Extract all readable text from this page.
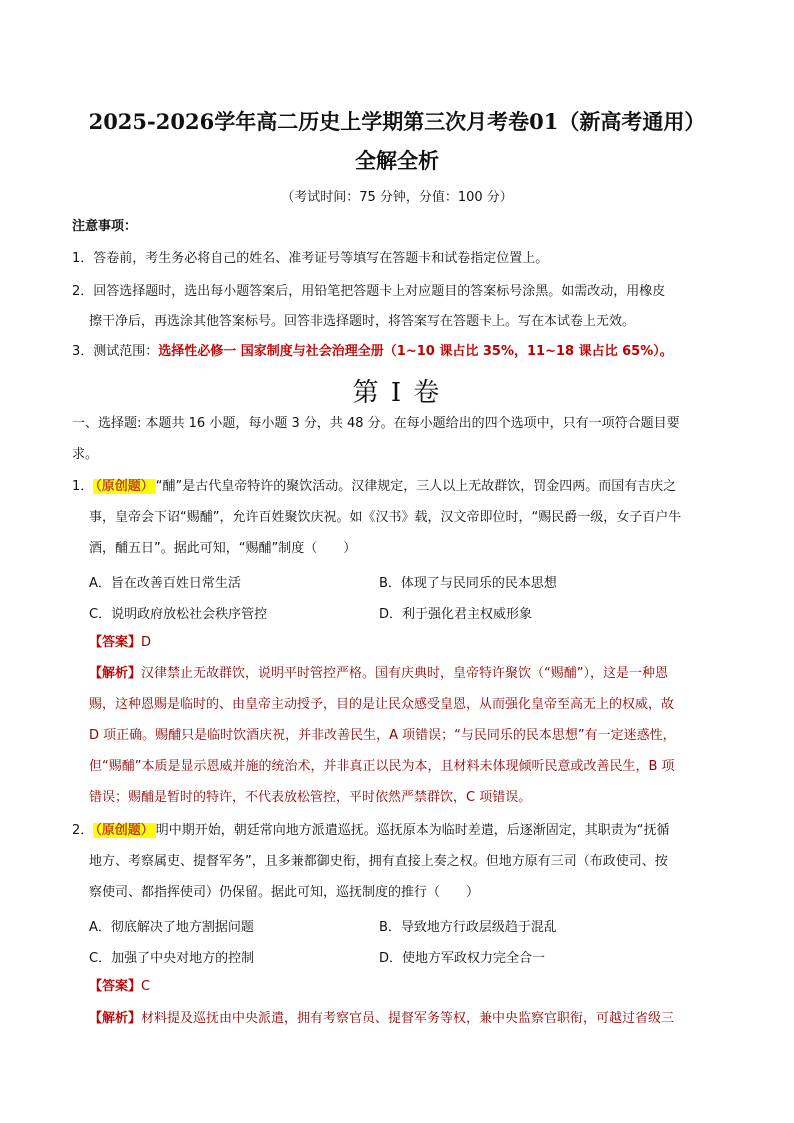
2025-2026学年高二历史上学期第三次月考卷01（新高考通用）
全解全析
（考试时间：75 分钟，分值：100 分）
注意事项：
1．答卷前，考生务必将自己的姓名、准考证号等填写在答题卡和试卷指定位置上。
2．回答选择题时，选出每小题答案后，用铅笔把答题卡上对应题目的答案标号涂黑。如需改动，用橡皮
擦干净后，再选涂其他答案标号。回答非选择题时，将答案写在答题卡上。写在本试卷上无效。
3．测试范围：选择性必修一 国家制度与社会治理全册（1~10 课占比 35%，11~18 课占比 65%）。
第 I 卷
一、选择题: 本题共 16 小题，每小题 3 分，共 48 分。在每小题给出的四个选项中，只有一项符合题目要
求。
1． （原创题） “酺”是古代皇帝特许的聚饮活动。汉律规定，三人以上无故群饮，罚金四两。而国有吉庆之
事，皇帝会下诏“赐酺”，允许百姓聚饮庆祝。如《汉书》载，汉文帝即位时，“赐民爵一级，女子百户牛
酒，酺五日”。据此可知，“赐酺”制度（　　）
A．旨在改善百姓日常生活	B．体现了与民同乐的民本思想
C．说明政府放松社会秩序管控	D．利于强化君主权威形象
【答案】D
【解析】汉律禁止无故群饮，说明平时管控严格。国有庆典时，皇帝特许聚饮（“赐酺”），这是一种恩
赐，这种恩赐是临时的、由皇帝主动授予，目的是让民众感受皇恩，从而强化皇帝至高无上的权威，故
D 项正确。赐酺只是临时饮酒庆祝，并非改善民生，A 项错误；“与民同乐的民本思想”有一定迷惑性，
但“赐酺”本质是显示恩威并施的统治术，并非真正以民为本，且材料未体现倾听民意或改善民生，B 项
错误；赐酺是暂时的特许，不代表放松管控，平时依然严禁群饮，C 项错误。
2． （原创题） 明中期开始，朝廷常向地方派遣巡抚。巡抚原本为临时差遣，后逐渐固定，其职责为“抚循
地方、考察属吏、提督军务”，且多兼都御史衔，拥有直接上奏之权。但地方原有三司（布政使司、按
察使司、都指挥使司）仍保留。据此可知，巡抚制度的推行（　　）
A．彻底解决了地方割据问题	B．导致地方行政层级趋于混乱
C．加强了中央对地方的控制	D．使地方军政权力完全合一
【答案】C
【解析】材料提及巡抚由中央派遣，拥有考察官员、提督军务等权，兼中央监察官职衔，可越过省级三
